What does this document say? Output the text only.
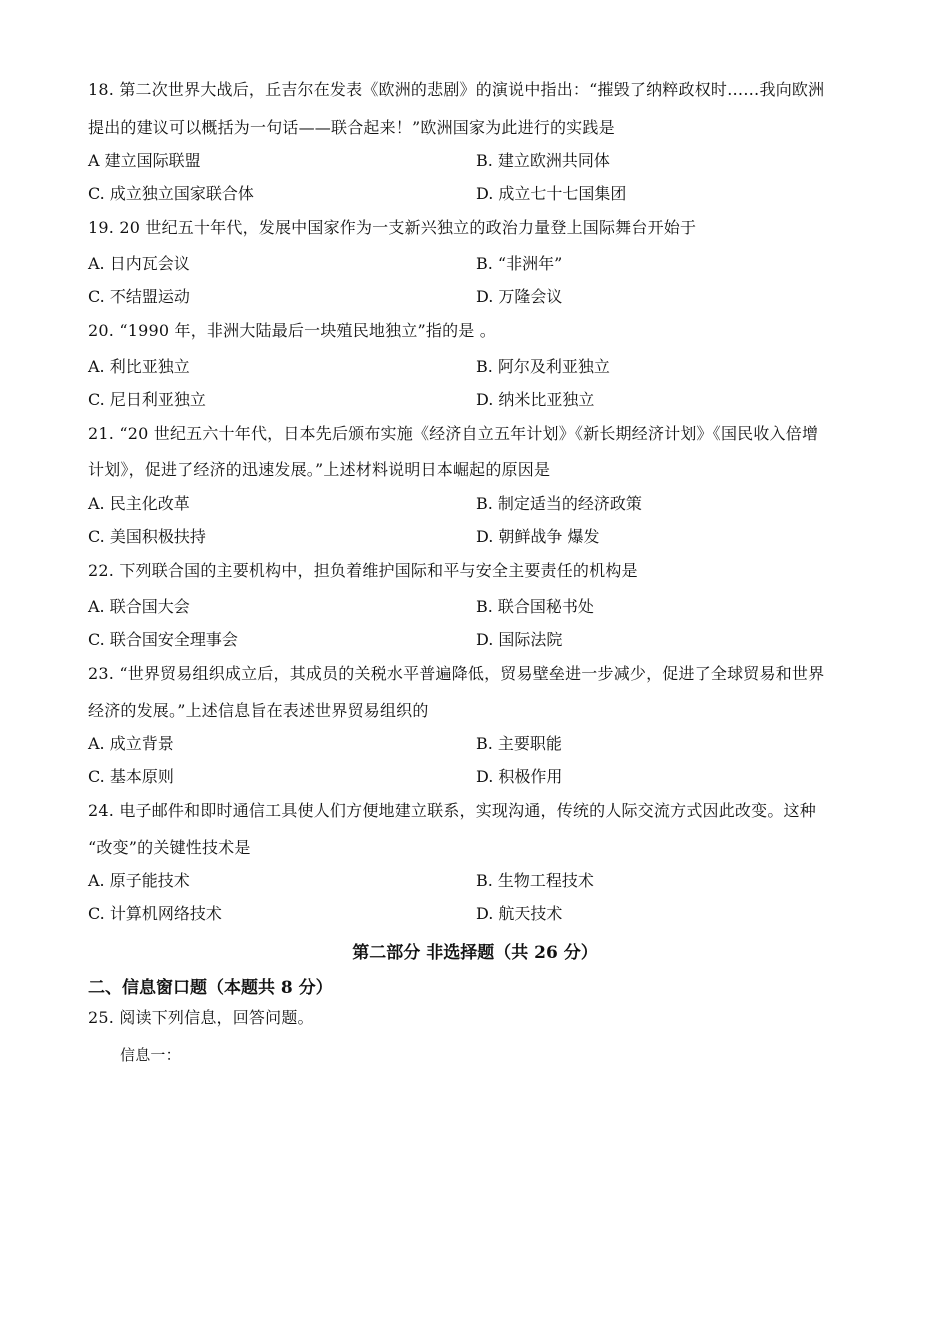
18. 第二次世界大战后，丘吉尔在发表《欧洲的悲剧》的演说中指出：“摧毁了纳粹政权时……我向欧洲
提出的建议可以概括为一句话——联合起来！”欧洲国家为此进行的实践是
A 建立国际联盟	B. 建立欧洲共同体
C. 成立独立国家联合体	D. 成立七十七国集团
19. 20 世纪五十年代，发展中国家作为一支新兴独立的政治力量登上国际舞台开始于
A. 日内瓦会议	B. “非洲年”
C. 不结盟运动	D. 万隆会议
20. “1990 年，非洲大陆最后一块殖民地独立”指的是 。
A. 利比亚独立	B. 阿尔及利亚独立
C. 尼日利亚独立	D. 纳米比亚独立
21. “20 世纪五六十年代，日本先后颁布实施《经济自立五年计划》《新长期经济计划》《国民收入倍增
计划》，促进了经济的迅速发展。”上述材料说明日本崛起的原因是
A. 民主化改革	B. 制定适当的经济政策
C. 美国积极扶持	D. 朝鲜战争 爆发
22. 下列联合国的主要机构中，担负着维护国际和平与安全主要责任的机构是
A. 联合国大会	B. 联合国秘书处
C. 联合国安全理事会	D. 国际法院
23. “世界贸易组织成立后，其成员的关税水平普遍降低，贸易壁垒进一步减少，促进了全球贸易和世界
经济的发展。”上述信息旨在表述世界贸易组织的
A. 成立背景	B. 主要职能
C. 基本原则	D. 积极作用
24. 电子邮件和即时通信工具使人们方便地建立联系，实现沟通，传统的人际交流方式因此改变。这种
“改变”的关键性技术是
A. 原子能技术	B. 生物工程技术
C. 计算机网络技术	D. 航天技术
第二部分 非选择题（共 26 分）
二、信息窗口题（本题共 8 分）
25. 阅读下列信息，回答问题。
信息一：
